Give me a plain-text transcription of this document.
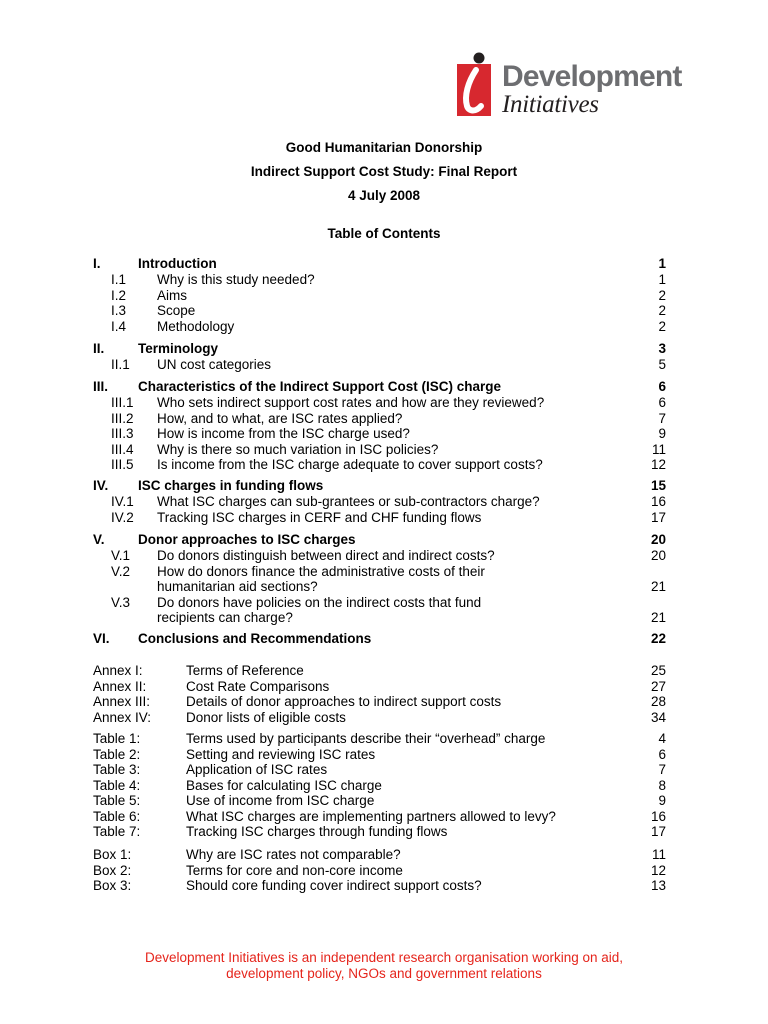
Development
Initiatives
Good Humanitarian Donorship
Indirect Support Cost Study: Final Report
4 July 2008
Table of Contents
I.	Introduction	1
I.1 Why is this study needed?	1
I.2 Aims	2
I.3 Scope	2
I.4 Methodology	2
II. Terminology	3
II.1 UN cost categories	5
III. Characteristics of the Indirect Support Cost (ISC) charge	6
III.1 Who sets indirect support cost rates and how are they reviewed?	6
III.2 How, and to what, are ISC rates applied?	7
III.3 How is income from the ISC charge used?	9
III.4 Why is there so much variation in ISC policies?	11
III.5 Is income from the ISC charge adequate to cover support costs?	12
IV. ISC charges in funding flows	15
IV.1 What ISC charges can sub-grantees or sub-contractors charge?	16
IV.2 Tracking ISC charges in CERF and CHF funding flows	17
V. Donor approaches to ISC charges	20
V.1 Do donors distinguish between direct and indirect costs?	20
V.2 How do donors finance the administrative costs of their
humanitarian aid sections?	21
V.3 Do donors have policies on the indirect costs that fund
recipients can charge?	21
VI. Conclusions and Recommendations	22
Annex I:	Terms of Reference	25
Annex II:	Cost Rate Comparisons	27
Annex III:	Details of donor approaches to indirect support costs	28
Annex IV:	Donor lists of eligible costs	34
Table 1:	Terms used by participants describe their “overhead” charge	4
Table 2:	Setting and reviewing ISC rates	6
Table 3:	Application of ISC rates	7
Table 4:	Bases for calculating ISC charge	8
Table 5:	Use of income from ISC charge	9
Table 6:	What ISC charges are implementing partners allowed to levy?	16
Table 7:	Tracking ISC charges through funding flows	17
Box 1:	Why are ISC rates not comparable?	11
Box 2:	Terms for core and non-core income	12
Box 3:	Should core funding cover indirect support costs?	13
Development Initiatives is an independent research organisation working on aid,
development policy, NGOs and government relations
